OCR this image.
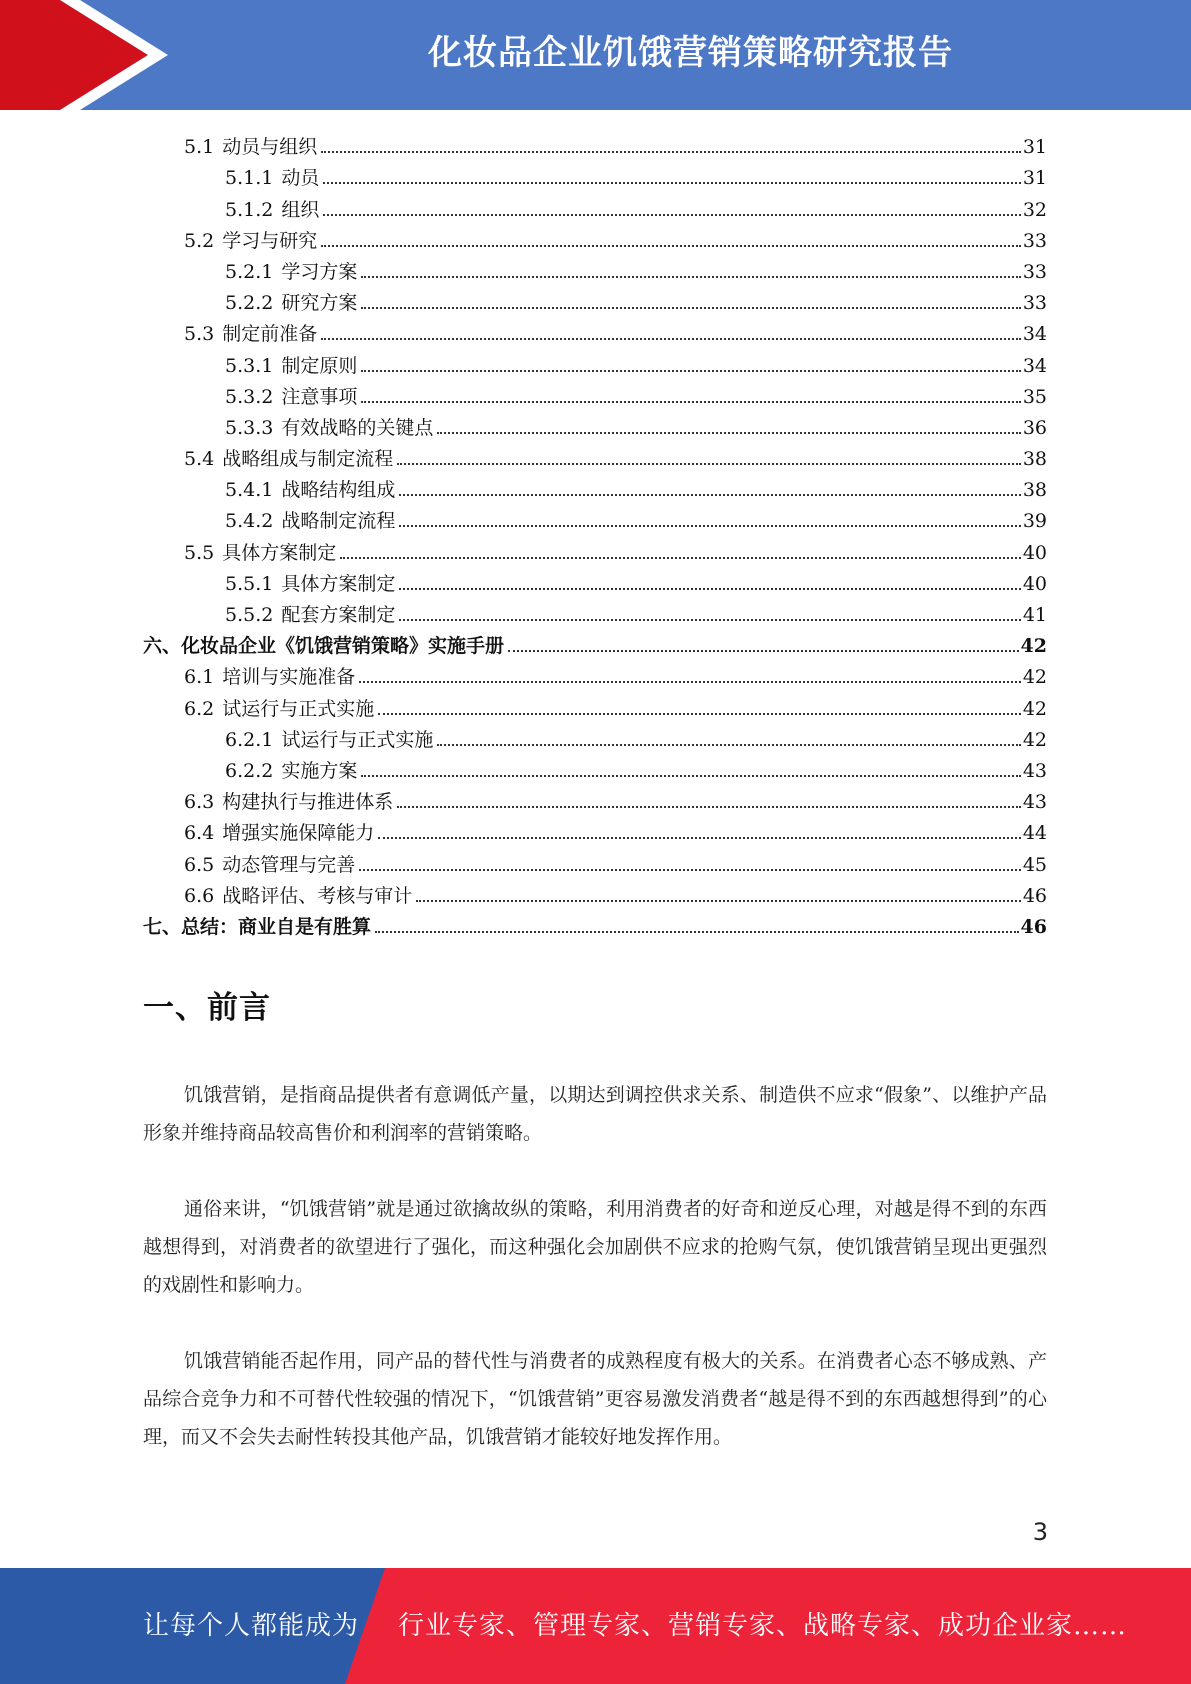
化妆品企业饥饿营销策略研究报告
5.1 动员与组织	31
5.1.1 动员	31
5.1.2 组织	32
5.2 学习与研究	33
5.2.1 学习方案	33
5.2.2 研究方案	33
5.3 制定前准备	34
5.3.1 制定原则	34
5.3.2 注意事项	35
5.3.3 有效战略的关键点	36
5.4 战略组成与制定流程	38
5.4.1 战略结构组成	38
5.4.2 战略制定流程	39
5.5 具体方案制定	40
5.5.1 具体方案制定	40
5.5.2 配套方案制定	41
六、化妆品企业《饥饿营销策略》实施手册	42
6.1 培训与实施准备	42
6.2 试运行与正式实施	42
6.2.1 试运行与正式实施	42
6.2.2 实施方案	43
6.3 构建执行与推进体系	43
6.4 增强实施保障能力	44
6.5 动态管理与完善	45
6.6 战略评估、考核与审计	46
七、总结：商业自是有胜算	46
一、前言
饥饿营销，是指商品提供者有意调低产量，以期达到调控供求关系、制造供不应求“假象”、以维护产品形象并维持商品较高售价和利润率的营销策略。
通俗来讲，“饥饿营销”就是通过欲擒故纵的策略，利用消费者的好奇和逆反心理，对越是得不到的东西越想得到，对消费者的欲望进行了强化，而这种强化会加剧供不应求的抢购气氛，使饥饿营销呈现出更强烈的戏剧性和影响力。
饥饿营销能否起作用，同产品的替代性与消费者的成熟程度有极大的关系。在消费者心态不够成熟、产品综合竞争力和不可替代性较强的情况下，“饥饿营销”更容易激发消费者“越是得不到的东西越想得到”的心理，而又不会失去耐性转投其他产品，饥饿营销才能较好地发挥作用。
3
让每个人都能成为 行业专家、管理专家、营销专家、战略专家、成功企业家……
